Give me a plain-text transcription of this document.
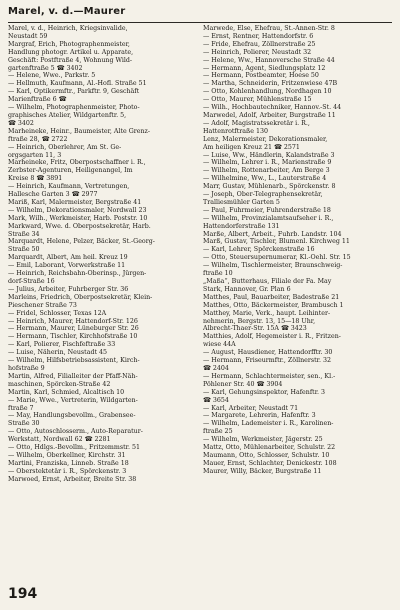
Marel, v. d.—Maurer
Marel, v. d., Heinrich, Kriegsinvalide,
Neustadt 59
Margraf, Erich, Photographenmeister,
Handlung photogr. Artikel u. Apparate,
Geschäft: Postftraße 4, Wohnung Wild-
gartenftraße 5 ☎ 3402
— Helene, Wwe., Parkstr. 5
— Hellmuth, Kaufmann, Al.-Hofl. Straße 51
— Karl, Optikermftr., Parkftr. 9, Geschäft
Marienftraße 6 ☎
— Wilhelm, Photographenmeister, Photo-
graphisches Atelier, Wildgartenftr. 5,
☎ 3402
Marheineke, Heinr., Baumeister, Alte Grenz-
ftraße 28, ☎ 2722
— Heinrich, Oberlehrer, Am St. Ge-
orgsgarten 11, 3
Marheineke, Fritz, Oberpostschaffner i. R.,
Zerbster-Agenturen, Heiligenangel, Im
Kreise 8 ☎ 3891
— Heinrich, Kaufmann, Vertretungen,
Hallesche Garten 3 ☎ 2977
Mariß, Karl, Malermeister, Bergstraße 41
— Wilhelm, Dekorationsmaler, Nordwall 23
Mark, Wilh., Werkmeister, Harb. Poststr. 10
Markward, Wwe. d. Oberpostsekretär, Harb.
Straße 34
Marquardt, Helene, Pelzer, Bäcker, St.-Georg-
Straße 50
Marquardt, Albert, Am heil. Kreuz 19
— Emil, Laborant, Vorwerkstraße 11
— Heinrich, Reichsbahn-Oberinsp., Jürgen-
dorf-Straße 16
— Julius, Arbeiter, Fuhrberger Str. 36
Marleins, Friedrich, Oberpostsekretär, Klein-
Pieschener Straße 73
— Fridel, Schlosser, Texas 12A
— Heinrich, Maurer, Hattendorf-Str. 126
— Hermann, Maurer, Lüneburger Str. 26
— Hermann, Tischler, Kirchhofstraße 10
— Karl, Polierer, Fischfeftraße 33
— Luise, Näherin, Neustadt 45
— Wilhelm, Hilfsbetriebsassistent, Kirch-
hofstraße 9
Martin, Alfred, Filialleiter der Pfaff-Näh-
maschinen, Spörcken-Straße 42
Martin, Karl, Schmied, Alcaltisch 10
— Marie, Wwe., Vertreterin, Wildgarten-
ftraße 7
— May, Handlungsbevollm., Grabensee-
Straße 30
— Otto, Autoschlosserm., Auto-Reparatur-
Werkstatt, Nordwall 62 ☎ 2281
— Otto, Hdlgs.-Bevollm., Fritzemmstr. 51
— Wilhelm, Oberkellner, Kirchstr. 31
Martini, Franziska, Linneb. Straße 18
— Oberstektetär i. R., Spörckenstr. 3
Marwoed, Ernst, Arbeiter, Breite Str. 38
Marwede, Else, Ehefrau, St.-Annen-Str. 8
— Ernst, Rentner, Hattendorfstr. 6
— Fride, Ehefrau, Zöllnerstraße 25
— Heinrich, Polierer, Neustadt 32
— Helene, Ww., Hannoversche Straße 44
— Hermann, Agent, Siedlungsplatz 12
— Hermann, Postbeamter, Hoese 50
— Martha, Schneiderin, Fritzenwiese 47B
— Otto, Kohlenhandlung, Nordhagen 10
— Otto, Maurer, Mühlenstraße 15
— Wilh., Hochbautechniker, Hannov.-St. 44
Marwedel, Adolf, Arbeiter, Burgstraße 11
— Adolf, Magistratssekretär i. R.,
Hattenrotftraße 130
Lenz, Malermeister, Dekorationsmaler,
Am heiligen Kreuz 21 ☎ 2571
— Luise, Ww., Händlerin, Kalandstraße 3
— Wilhelm, Lehrer i. R., Marienstraße 9
— Wilhelm, Rottenarbeiter, Am Berge 3
— Wilhelmine, Ww., L., Lauterstraße 4
Marr, Gustav, Mühlenarb., Spörckenstr. 8
— Joseph, Ober-Telegraphensekretär,
Tralliesmühler Garten 5
— Paul, Fuhrmeier, Fuhrenderstraße 18
— Wilhelm, Provinzialamtsaufseher i. R.,
Hattendorferstraße 131
Marße, Albert, Arbeit., Fuhrb. Landstr. 104
Marß, Gustav, Tischler, Blumenl. Kirchweg 11
— Karl, Lehrer, Spörckenstraße 16
— Otto, Steuersupernumerar, Kl.-Oehl. Str. 15
— Wilhelm, Tischlermeister, Braunschweig-
ftraße 10
„Maßa“, Butterhaus, Filiale der Fa. May
Stark, Hannover, Gr. Plan 6
Matthes, Paul, Bauarbeiter, Badestraße 21
Matthes, Otto, Bäckermeister, Brambusch 1
Matthey, Marie, Verk., haupt. Leihinter-
nehmerin, Bergstr. 13, 15—18 Uhr,
Albrecht-Thaer-Str. 15A ☎ 3423
Matthies, Adolf, Hegemeister i. R., Fritzen-
wiese 44A
— August, Hausdiener, Hattendorfftr. 30
— Hermann, Friseurmftr., Zöllnerstr. 32
☎ 2404
— Hermann, Schlachtermeister, sen., Kl.-
Pöhlener Str. 40 ☎ 3904
— Karl, Gehungsinspektor, Hafenftr. 3
☎ 3654
— Karl, Arbeiter, Neustadt 71
— Margarete, Lehrerin, Hafenftr. 3
— Wilhelm, Lademeister i. R., Karolinen-
ftraße 25
— Wilhelm, Werkmeister, Jägerstr. 25
Mattz, Otto, Mühlenarbeiter, Schulstr. 22
Maumann, Otto, Schlosser, Schulstr. 10
Mauer, Ernst, Schlachter, Denickestr. 108
Maurer, Willy, Bäcker, Burgstraße 11
194
